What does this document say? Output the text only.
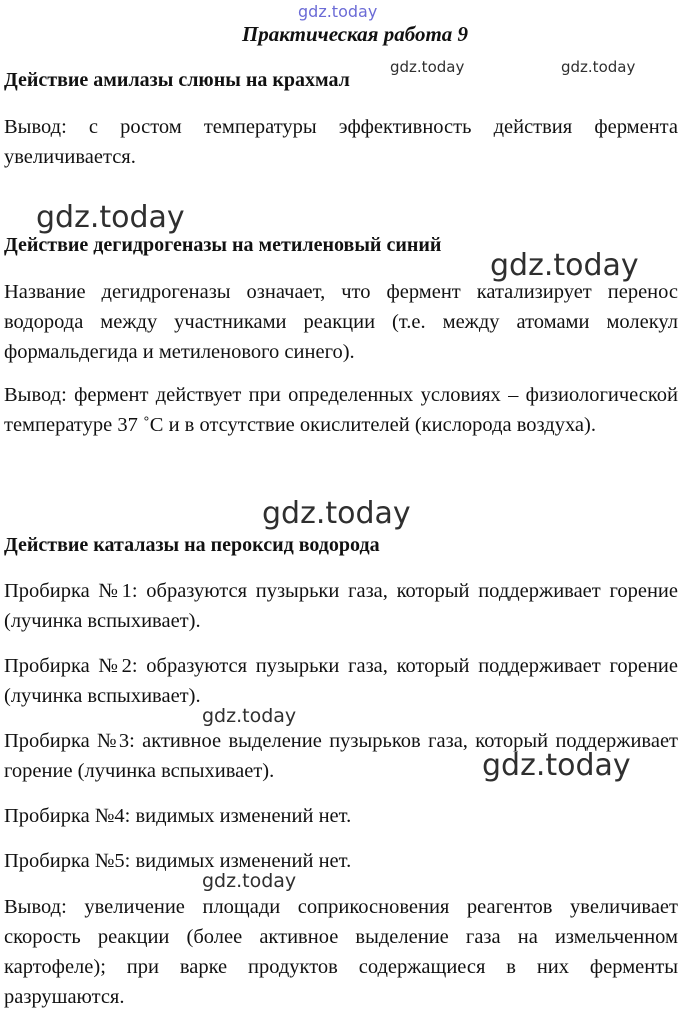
gdz.today
gdz.today	gdz.today
gdz.today
gdz.today
gdz.today
gdz.today
gdz.today
gdz.today
Практическая работа 9
Действие амилазы слюны на крахмал
Вывод: с ростом температуры эффективность действия фермента увеличивается.
Действие дегидрогеназы на метиленовый синий
Название дегидрогеназы означает, что фермент катализирует перенос водорода между участниками реакции (т.е. между атомами молекул формальдегида и метиленового синего).
Вывод: фермент действует при определенных условиях – физиологической температуре 37 ˚С и в отсутствие окислителей (кислорода воздуха).
Действие каталазы на пероксид водорода
Пробирка №1: образуются пузырьки газа, который поддерживает горение (лучинка вспыхивает).
Пробирка №2: образуются пузырьки газа, который поддерживает горение (лучинка вспыхивает).
Пробирка №3: активное выделение пузырьков газа, который поддерживает горение (лучинка вспыхивает).
Пробирка №4: видимых изменений нет.
Пробирка №5: видимых изменений нет.
Вывод: увеличение площади соприкосновения реагентов увеличивает скорость реакции (более активное выделение газа на измельченном картофеле); при варке продуктов содержащиеся в них ферменты разрушаются.
